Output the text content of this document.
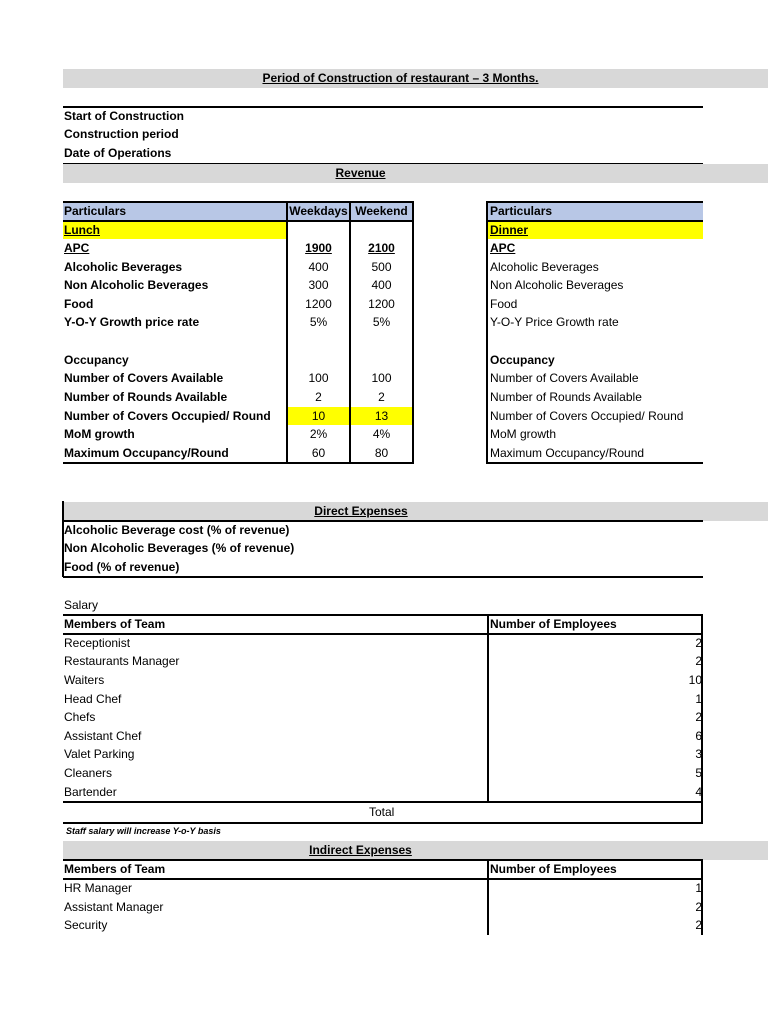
Period of Construction of restaurant – 3 Months.
Start of Construction
Construction period
Date of Operations
Revenue
Particulars	Weekdays Weekend
Lunch
APC	1900	2100
Alcoholic Beverages	400	500
Non Alcoholic Beverages	300	400
Food	1200	1200
Y-O-Y Growth price rate	5%	5%
Occupancy
Number of Covers Available	100	100
Number of Rounds Available	2	2
Number of Covers Occupied/ Round	10	13
MoM growth	2%	4%
Maximum Occupancy/Round	60	80
Particulars
Dinner
APC
Alcoholic Beverages
Non Alcoholic Beverages
Food
Y-O-Y Price Growth rate
Occupancy
Number of Covers Available
Number of Rounds Available
Number of Covers Occupied/ Round
MoM growth
Maximum Occupancy/Round
Direct Expenses
Alcoholic Beverage cost (% of revenue)
Non Alcoholic Beverages (% of revenue)
Food (% of revenue)
Salary
Members of Team	Number of Employees
Receptionist	2
Restaurants Manager	2
Waiters	10
Head Chef	1
Chefs	2
Assistant Chef	6
Valet Parking	3
Cleaners	5
Bartender	4
Total
Staff salary will increase Y-o-Y basis
Indirect Expenses
Members of Team	Number of Employees
HR Manager	1
Assistant Manager	2
Security	2
